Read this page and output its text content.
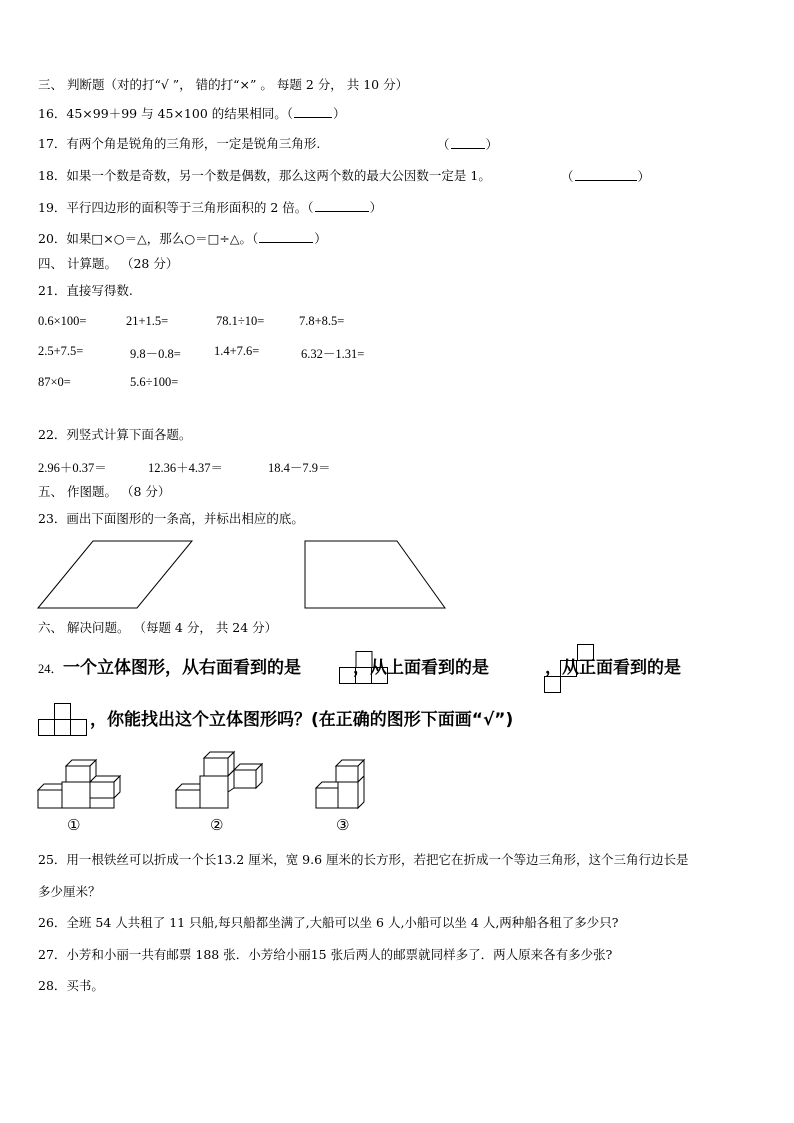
三、 判断题（对的打“√ ”， 错的打“×” 。 每题 2 分， 共 10 分）
16．45×99＋99 与 45×100 的结果相同。（	）
17．有两个角是锐角的三角形，一定是锐角三角形.	（	）
18．如果一个数是奇数，另一个数是偶数，那么这两个数的最大公因数一定是 1。	（	）
19．平行四边形的面积等于三角形面积的 2 倍。（	）
20．如果□×○＝△，那么○＝□÷△。（	）
四、 计算题。 （28 分）
21．直接写得数.
0.6×100=	21+1.5=	78.1÷10=	7.8+8.5=
2.5+7.5=	9.8－0.8=	1.4+7.6=	6.32－1.31=
87×0=	5.6÷100=
22．列竖式计算下面各题。
2.96＋0.37＝	12.36＋4.37＝	18.4－7.9＝
五、 作图题。 （8 分）
23．画出下面图形的一条高，并标出相应的底。
六、 解决问题。 （每题 4 分， 共 24 分）
24．一个立体图形，从右面看到的是	，从上面看到的是	，从正面看到的是
，你能找出这个立体图形吗？(在正确的图形下面画“√”)
①	②	③
25．用一根铁丝可以折成一个长13.2 厘米，宽 9.6 厘米的长方形，若把它在折成一个等边三角形，这个三角行边长是
多少厘米？
26．全班 54 人共租了 11 只船,每只船都坐满了,大船可以坐 6 人,小船可以坐 4 人,两种船各租了多少只?
27．小芳和小丽一共有邮票 188 张．小芳给小丽15 张后两人的邮票就同样多了．两人原来各有多少张?
28．买书。
